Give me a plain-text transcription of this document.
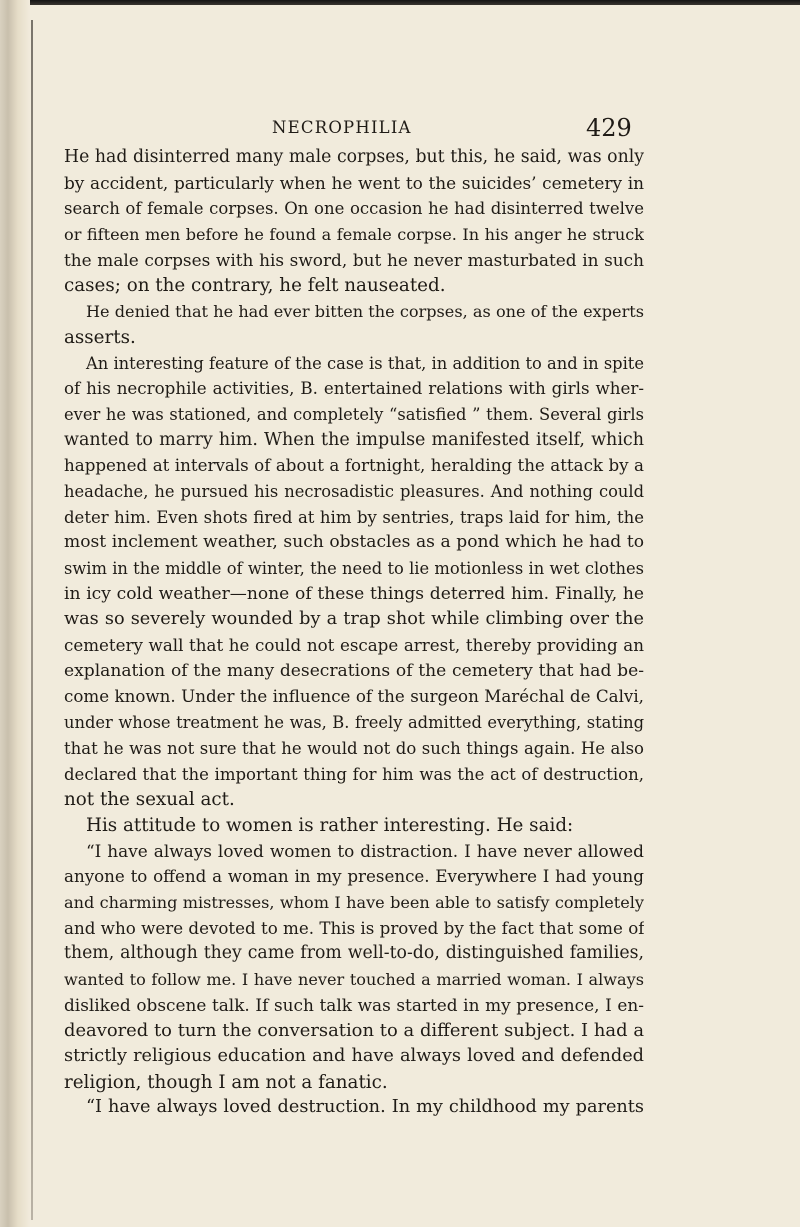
NECROPHILIA	429
He had disinterred many male corpses, but this, he said, was only
by accident, particularly when he went to the suicides’ cemetery in
search of female corpses. On one occasion he had disinterred twelve
or fifteen men before he found a female corpse. In his anger he struck
the male corpses with his sword, but he never masturbated in such
cases; on the contrary, he felt nauseated.
He denied that he had ever bitten the corpses, as one of the experts
asserts.
An interesting feature of the case is that, in addition to and in spite
of his necrophile activities, B. entertained relations with girls wher-
ever he was stationed, and completely “satisfied ” them. Several girls
wanted to marry him. When the impulse manifested itself, which
happened at intervals of about a fortnight, heralding the attack by a
headache, he pursued his necrosadistic pleasures. And nothing could
deter him. Even shots fired at him by sentries, traps laid for him, the
most inclement weather, such obstacles as a pond which he had to
swim in the middle of winter, the need to lie motionless in wet clothes
in icy cold weather—none of these things deterred him. Finally, he
was so severely wounded by a trap shot while climbing over the
cemetery wall that he could not escape arrest, thereby providing an
explanation of the many desecrations of the cemetery that had be-
come known. Under the influence of the surgeon Maréchal de Calvi,
under whose treatment he was, B. freely admitted everything, stating
that he was not sure that he would not do such things again. He also
declared that the important thing for him was the act of destruction,
not the sexual act.
His attitude to women is rather interesting. He said:
“I have always loved women to distraction. I have never allowed
anyone to offend a woman in my presence. Everywhere I had young
and charming mistresses, whom I have been able to satisfy completely
and who were devoted to me. This is proved by the fact that some of
them, although they came from well-to-do, distinguished families,
wanted to follow me. I have never touched a married woman. I always
disliked obscene talk. If such talk was started in my presence, I en-
deavored to turn the conversation to a different subject. I had a
strictly religious education and have always loved and defended
religion, though I am not a fanatic.
“I have always loved destruction. In my childhood my parents
